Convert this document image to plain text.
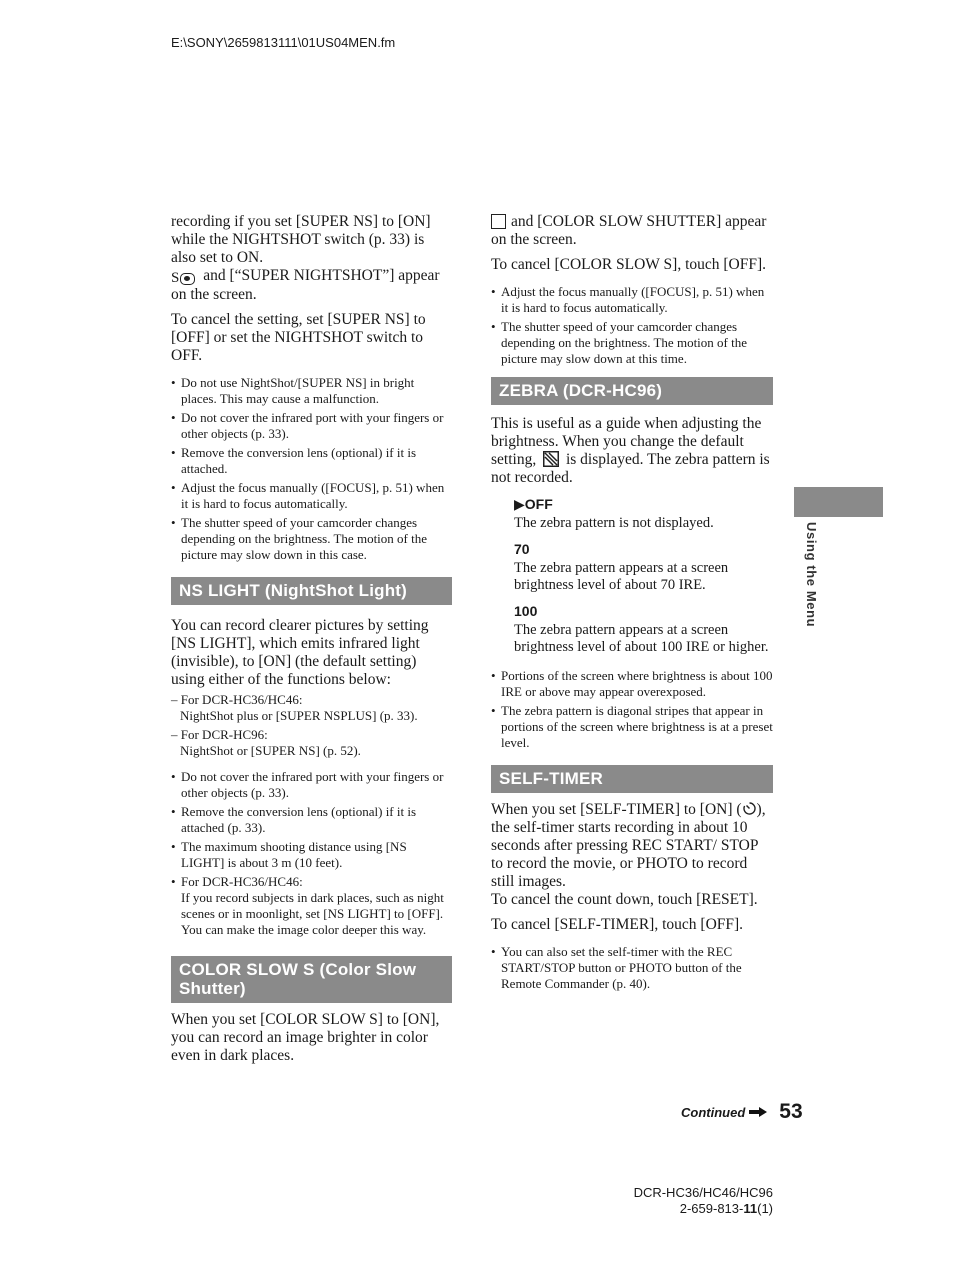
E:\SONY\2659813111\01US04MEN.fm

recording if you set [SUPER NS] to [ON] while the NIGHTSHOT switch (p. 33) is also set to ON.

S and [“SUPER NIGHTSHOT”] appear on the screen.

To cancel the setting, set [SUPER NS] to [OFF] or set the NIGHTSHOT switch to OFF.

• Do not use NightShot/[SUPER NS] in bright places. This may cause a malfunction.
• Do not cover the infrared port with your fingers or other objects (p. 33).
• Remove the conversion lens (optional) if it is attached.
• Adjust the focus manually ([FOCUS], p. 51) when it is hard to focus automatically.
• The shutter speed of your camcorder changes depending on the brightness. The motion of the picture may slow down in this case.
NS LIGHT (NightShot Light)

You can record clearer pictures by setting [NS LIGHT], which emits infrared light (invisible), to [ON] (the default setting) using either of the functions below:

– For DCR-HC36/HC46:
NightShot plus or [SUPER NSPLUS] (p. 33).
– For DCR-HC96:
NightShot or [SUPER NS] (p. 52).
• Do not cover the infrared port with your fingers or other objects (p. 33).
• Remove the conversion lens (optional) if it is attached (p. 33).
• The maximum shooting distance using [NS LIGHT] is about 3 m (10 feet).
• For DCR-HC36/HC46:
If you record subjects in dark places, such as night scenes or in moonlight, set [NS LIGHT] to [OFF]. You can make the image color deeper this way.
COLOR SLOW S (Color Slow
Shutter)

When you set [COLOR SLOW S] to [ON], you can record an image brighter in color even in dark places.

and [COLOR SLOW SHUTTER] appear on the screen.

To cancel [COLOR SLOW S], touch [OFF].

• Adjust the focus manually ([FOCUS], p. 51) when it is hard to focus automatically.
• The shutter speed of your camcorder changes depending on the brightness. The motion of the picture may slow down at this time.
ZEBRA (DCR-HC96)

This is useful as a guide when adjusting the brightness. When you change the default setting, is displayed. The zebra pattern is not recorded.

▶OFF

The zebra pattern is not displayed.

70

The zebra pattern appears at a screen brightness level of about 70 IRE.

100

The zebra pattern appears at a screen brightness level of about 100 IRE or higher.

• Portions of the screen where brightness is about 100 IRE or above may appear overexposed.
• The zebra pattern is diagonal stripes that appear in portions of the screen where brightness is at a preset level.
SELF-TIMER

When you set [SELF-TIMER] to [ON] ( ), the self-timer starts recording in about 10 seconds after pressing REC START/ STOP to record the movie, or PHOTO to record still images.
To cancel the count down, touch [RESET].

To cancel [SELF-TIMER], touch [OFF].

• You can also set the self-timer with the REC START/STOP button or PHOTO button of the Remote Commander (p. 40).
Using the Menu
Continued 53
DCR-HC36/HC46/HC96
2-659-813-11(1)
